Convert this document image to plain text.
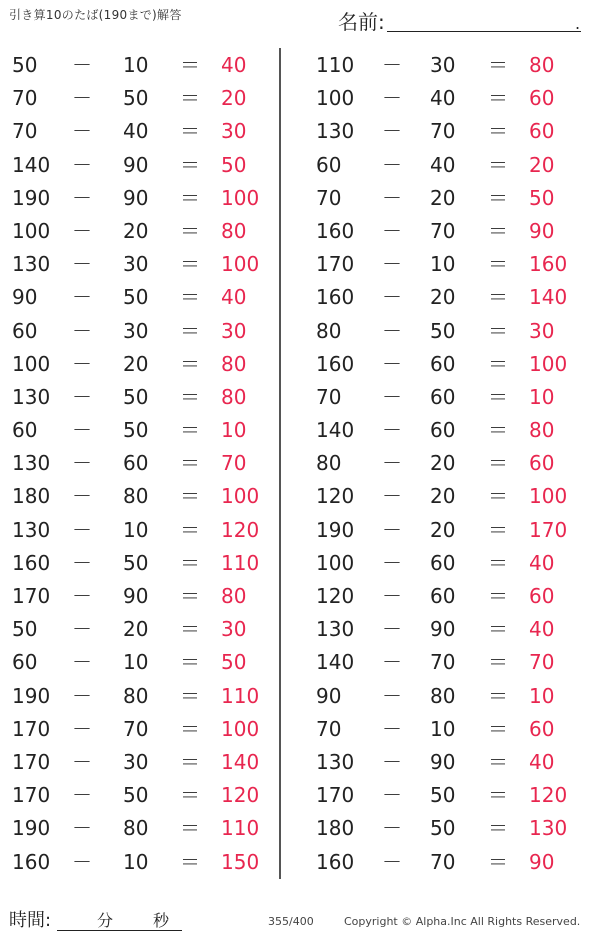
引き算10のたば(190まで)解答	名前:	.
50	－ 10	＝ 40
70	－ 50	＝ 20
70	－ 40	＝ 30
140	－ 90	＝ 50
190	－ 90	＝ 100
100	－ 20	＝ 80
130	－ 30	＝ 100
90	－ 50	＝ 40
60	－ 30	＝ 30
100	－ 20	＝ 80
130	－ 50	＝ 80
60	－ 50	＝ 10
130	－ 60	＝ 70
180	－ 80	＝ 100
130	－ 10	＝ 120
160	－ 50	＝ 110
170	－ 90	＝ 80
50	－ 20	＝ 30
60	－ 10	＝ 50
190	－ 80	＝ 110
170	－ 70	＝ 100
170	－ 30	＝ 140
170	－ 50	＝ 120
190	－ 80	＝ 110
160	－ 10	＝ 150
110	－ 30	＝ 80
100	－ 40	＝ 60
130	－ 70	＝ 60
60	－ 40	＝ 20
70	－ 20	＝ 50
160	－ 70	＝ 90
170	－ 10	＝ 160
160	－ 20	＝ 140
80	－ 50	＝ 30
160	－ 60	＝ 100
70	－ 60	＝ 10
140	－ 60	＝ 80
80	－ 20	＝ 60
120	－ 20	＝ 100
190	－ 20	＝ 170
100	－ 60	＝ 40
120	－ 60	＝ 60
130	－ 90	＝ 40
140	－ 70	＝ 70
90	－ 80	＝ 10
70	－ 10	＝ 60
130	－ 90	＝ 40
170	－ 50	＝ 120
180	－ 50	＝ 130
160	－ 70	＝ 90
時間:	分 秒	355/400	Copyright © Alpha.Inc All Rights Reserved.
